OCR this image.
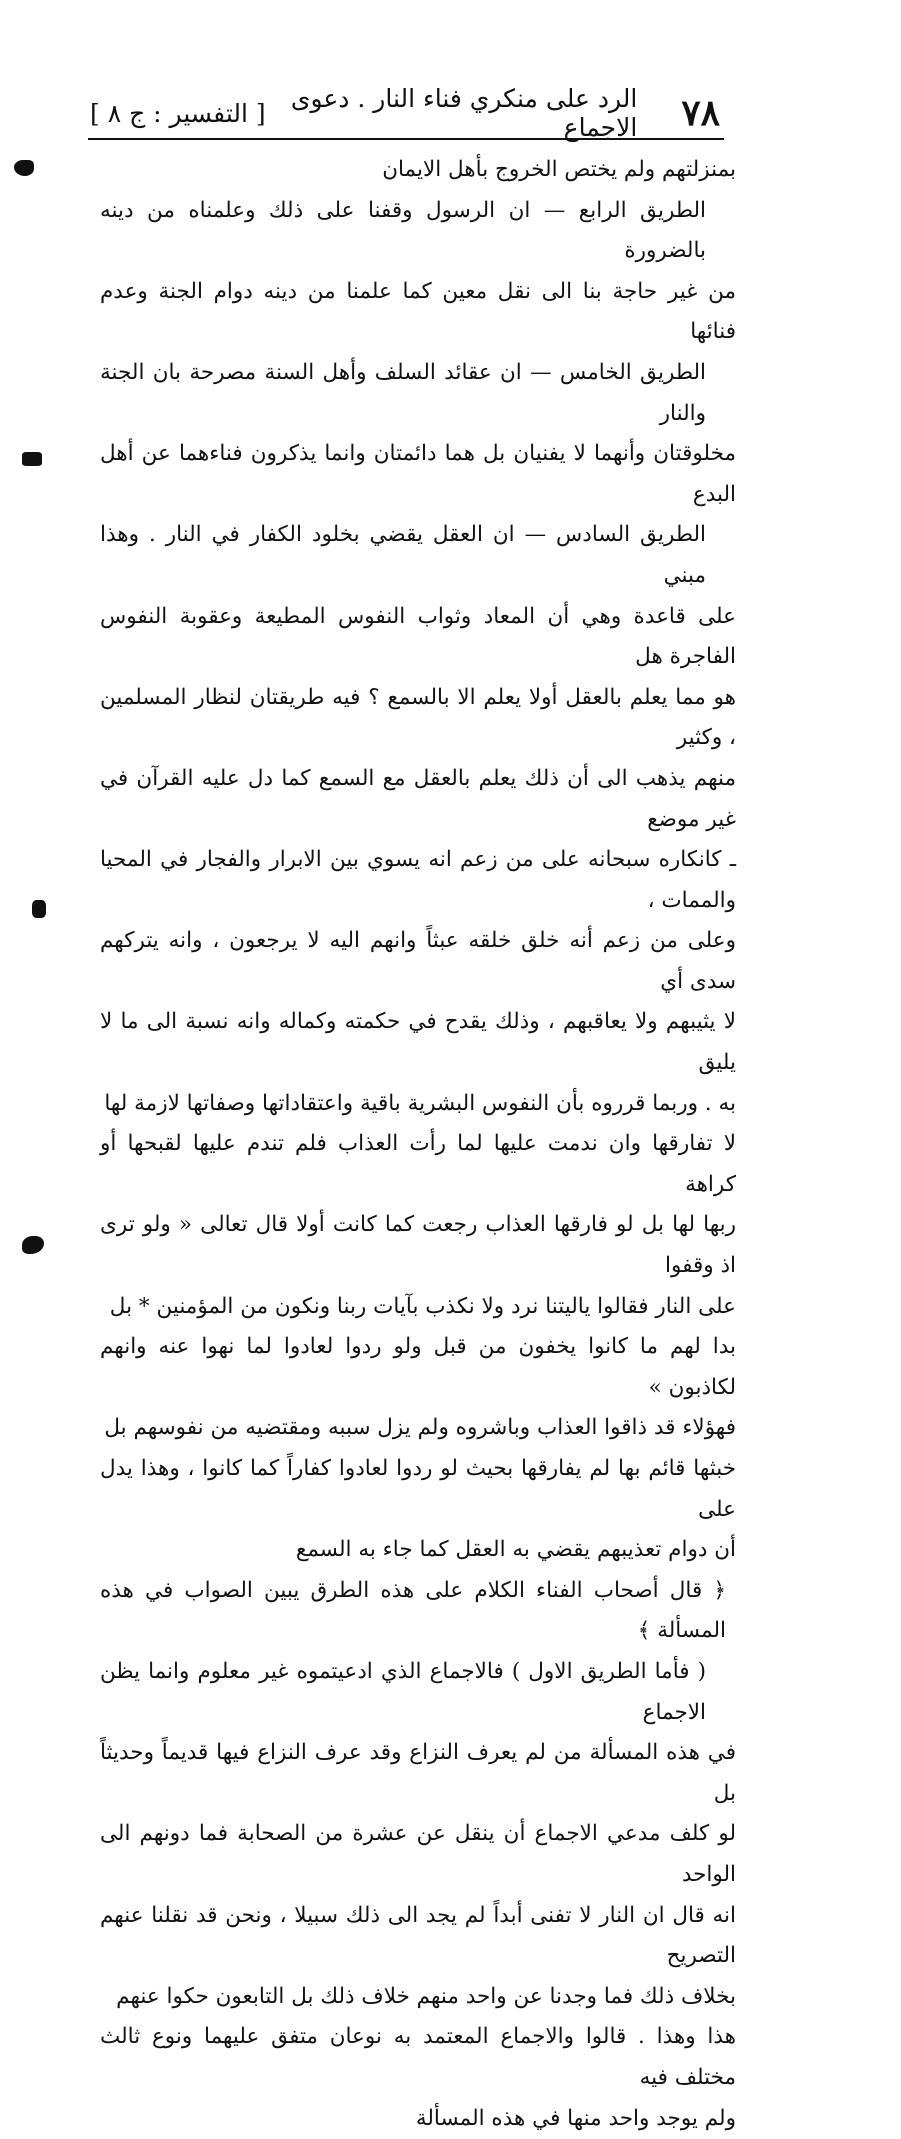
٧٨
الرد على منكري فناء النار . دعوى الاجماع
[ التفسير : ج ٨ ]

بمنزلتهم ولم يختص الخروج بأهل الايمان

الطريق الرابع — ان الرسول وقفنا على ذلك وعلمناه من دينه بالضرورة

من غير حاجة بنا الى نقل معين كما علمنا من دينه دوام الجنة وعدم فنائها

الطريق الخامس — ان عقائد السلف وأهل السنة مصرحة بان الجنة والنار

مخلوقتان وأنهما لا يفنيان بل هما دائمتان وانما يذكرون فناءهما عن أهل البدع

الطريق السادس — ان العقل يقضي بخلود الكفار في النار . وهذا مبني

على قاعدة وهي أن المعاد وثواب النفوس المطيعة وعقوبة النفوس الفاجرة هل

هو مما يعلم بالعقل أولا يعلم الا بالسمع ؟ فيه طريقتان لنظار المسلمين ، وكثير

منهم يذهب الى أن ذلك يعلم بالعقل مع السمع كما دل عليه القرآن في غير موضع

ـ كانكاره سبحانه على من زعم انه يسوي بين الابرار والفجار في المحيا والممات ،

وعلى من زعم أنه خلق خلقه عبثاً وانهم اليه لا يرجعون ، وانه يتركهم سدى أي

لا يثيبهم ولا يعاقبهم ، وذلك يقدح في حكمته وكماله وانه نسبة الى ما لا يليق

به . وربما قرروه بأن النفوس البشرية باقية واعتقاداتها وصفاتها لازمة لها

لا تفارقها وان ندمت عليها لما رأت العذاب فلم تندم عليها لقبحها أو كراهة

ربها لها بل لو فارقها العذاب رجعت كما كانت أولا قال تعالى « ولو ترى اذ وقفوا

على النار فقالوا ياليتنا نرد ولا نكذب بآيات ربنا ونكون من المؤمنين * بل

بدا لهم ما كانوا يخفون من قبل ولو ردوا لعادوا لما نهوا عنه وانهم لكاذبون »

فهؤلاء قد ذاقوا العذاب وباشروه ولم يزل سببه ومقتضيه من نفوسهم بل

خبثها قائم بها لم يفارقها بحيث لو ردوا لعادوا كفاراً كما كانوا ، وهذا يدل على

أن دوام تعذيبهم يقضي به العقل كما جاء به السمع

﴿ قال أصحاب الفناء الكلام على هذه الطرق يبين الصواب في هذه المسألة ﴾

( فأما الطريق الاول ) فالاجماع الذي ادعيتموه غير معلوم وانما يظن الاجماع

في هذه المسألة من لم يعرف النزاع وقد عرف النزاع فيها قديماً وحديثاً بل

لو كلف مدعي الاجماع أن ينقل عن عشرة من الصحابة فما دونهم الى الواحد

انه قال ان النار لا تفنى أبداً لم يجد الى ذلك سبيلا ، ونحن قد نقلنا عنهم التصريح

بخلاف ذلك فما وجدنا عن واحد منهم خلاف ذلك بل التابعون حكوا عنهم

هذا وهذا . قالوا والاجماع المعتمد به نوعان متفق عليهما ونوع ثالث مختلف فيه

ولم يوجد واحد منها في هذه المسألة
